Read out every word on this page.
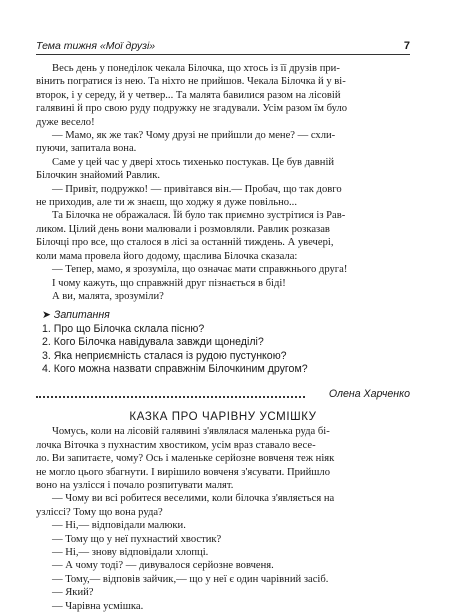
Тема тижня «Мої друзі»	7

Весь день у понеділок чекала Білочка, що хтось із її друзів при-

вінить погратися із нею. Та ніхто не прийшов. Чекала Білочка й у ві-

второк, і у середу, й у четвер... Та малята бавилися разом на лісовій

галявині й про свою руду подружку не згадували. Усім разом їм було

дуже весело!

— Мамо, як же так? Чому друзі не прийшли до мене? — схли-

пуючи, запитала вона.

Саме у цей час у двері хтось тихенько постукав. Це був давній

Білочкин знайомий Равлик.

— Привіт, подружко! — привітався він.— Пробач, що так довго

не приходив, але ти ж знаєш, що ходжу я дуже повільно...

Та Білочка не ображалася. Їй було так приємно зустрітися із Рав-

ликом. Цілий день вони малювали і розмовляли. Равлик розказав

Білочці про все, що сталося в лісі за останній тиждень. А увечері,

коли мама провела його додому, щаслива Білочка сказала:

— Тепер, мамо, я зрозуміла, що означає мати справжнього друга!

І чому кажуть, що справжній друг пізнається в біді!

А ви, малята, зрозуміли?

➤ Запитання
1. Про що Білочка склала пісню?
2. Кого Білочка навідувала завжди щонеділі?
3. Яка неприємність сталася із рудою пустункою?
4. Кого можна назвати справжнім Білочкиним другом?
Олена Харченко
КАЗКА ПРО ЧАРІВНУ УСМІШКУ

Чомусь, коли на лісовій галявині з'являлася маленька руда бі-

лочка Віточка з пухнастим хвостиком, усім враз ставало весе-

ло. Ви запитаєте, чому? Ось і маленьке серйозне вовченя теж ніяк

не могло цього збагнути. І вирішило вовченя з'ясувати. Прийшло

воно на узлісся і почало розпитувати малят.

— Чому ви всі робитеся веселими, коли білочка з'являється на

узліссі? Тому що вона руда?

— Ні,— відповідали малюки.

— Тому що у неї пухнастий хвостик?

— Ні,— знову відповідали хлопці.

— А чому тоді? — дивувалося серйозне вовченя.

— Тому,— відповів зайчик,— що у неї є один чарівний засіб.

— Який?

— Чарівна усмішка.
